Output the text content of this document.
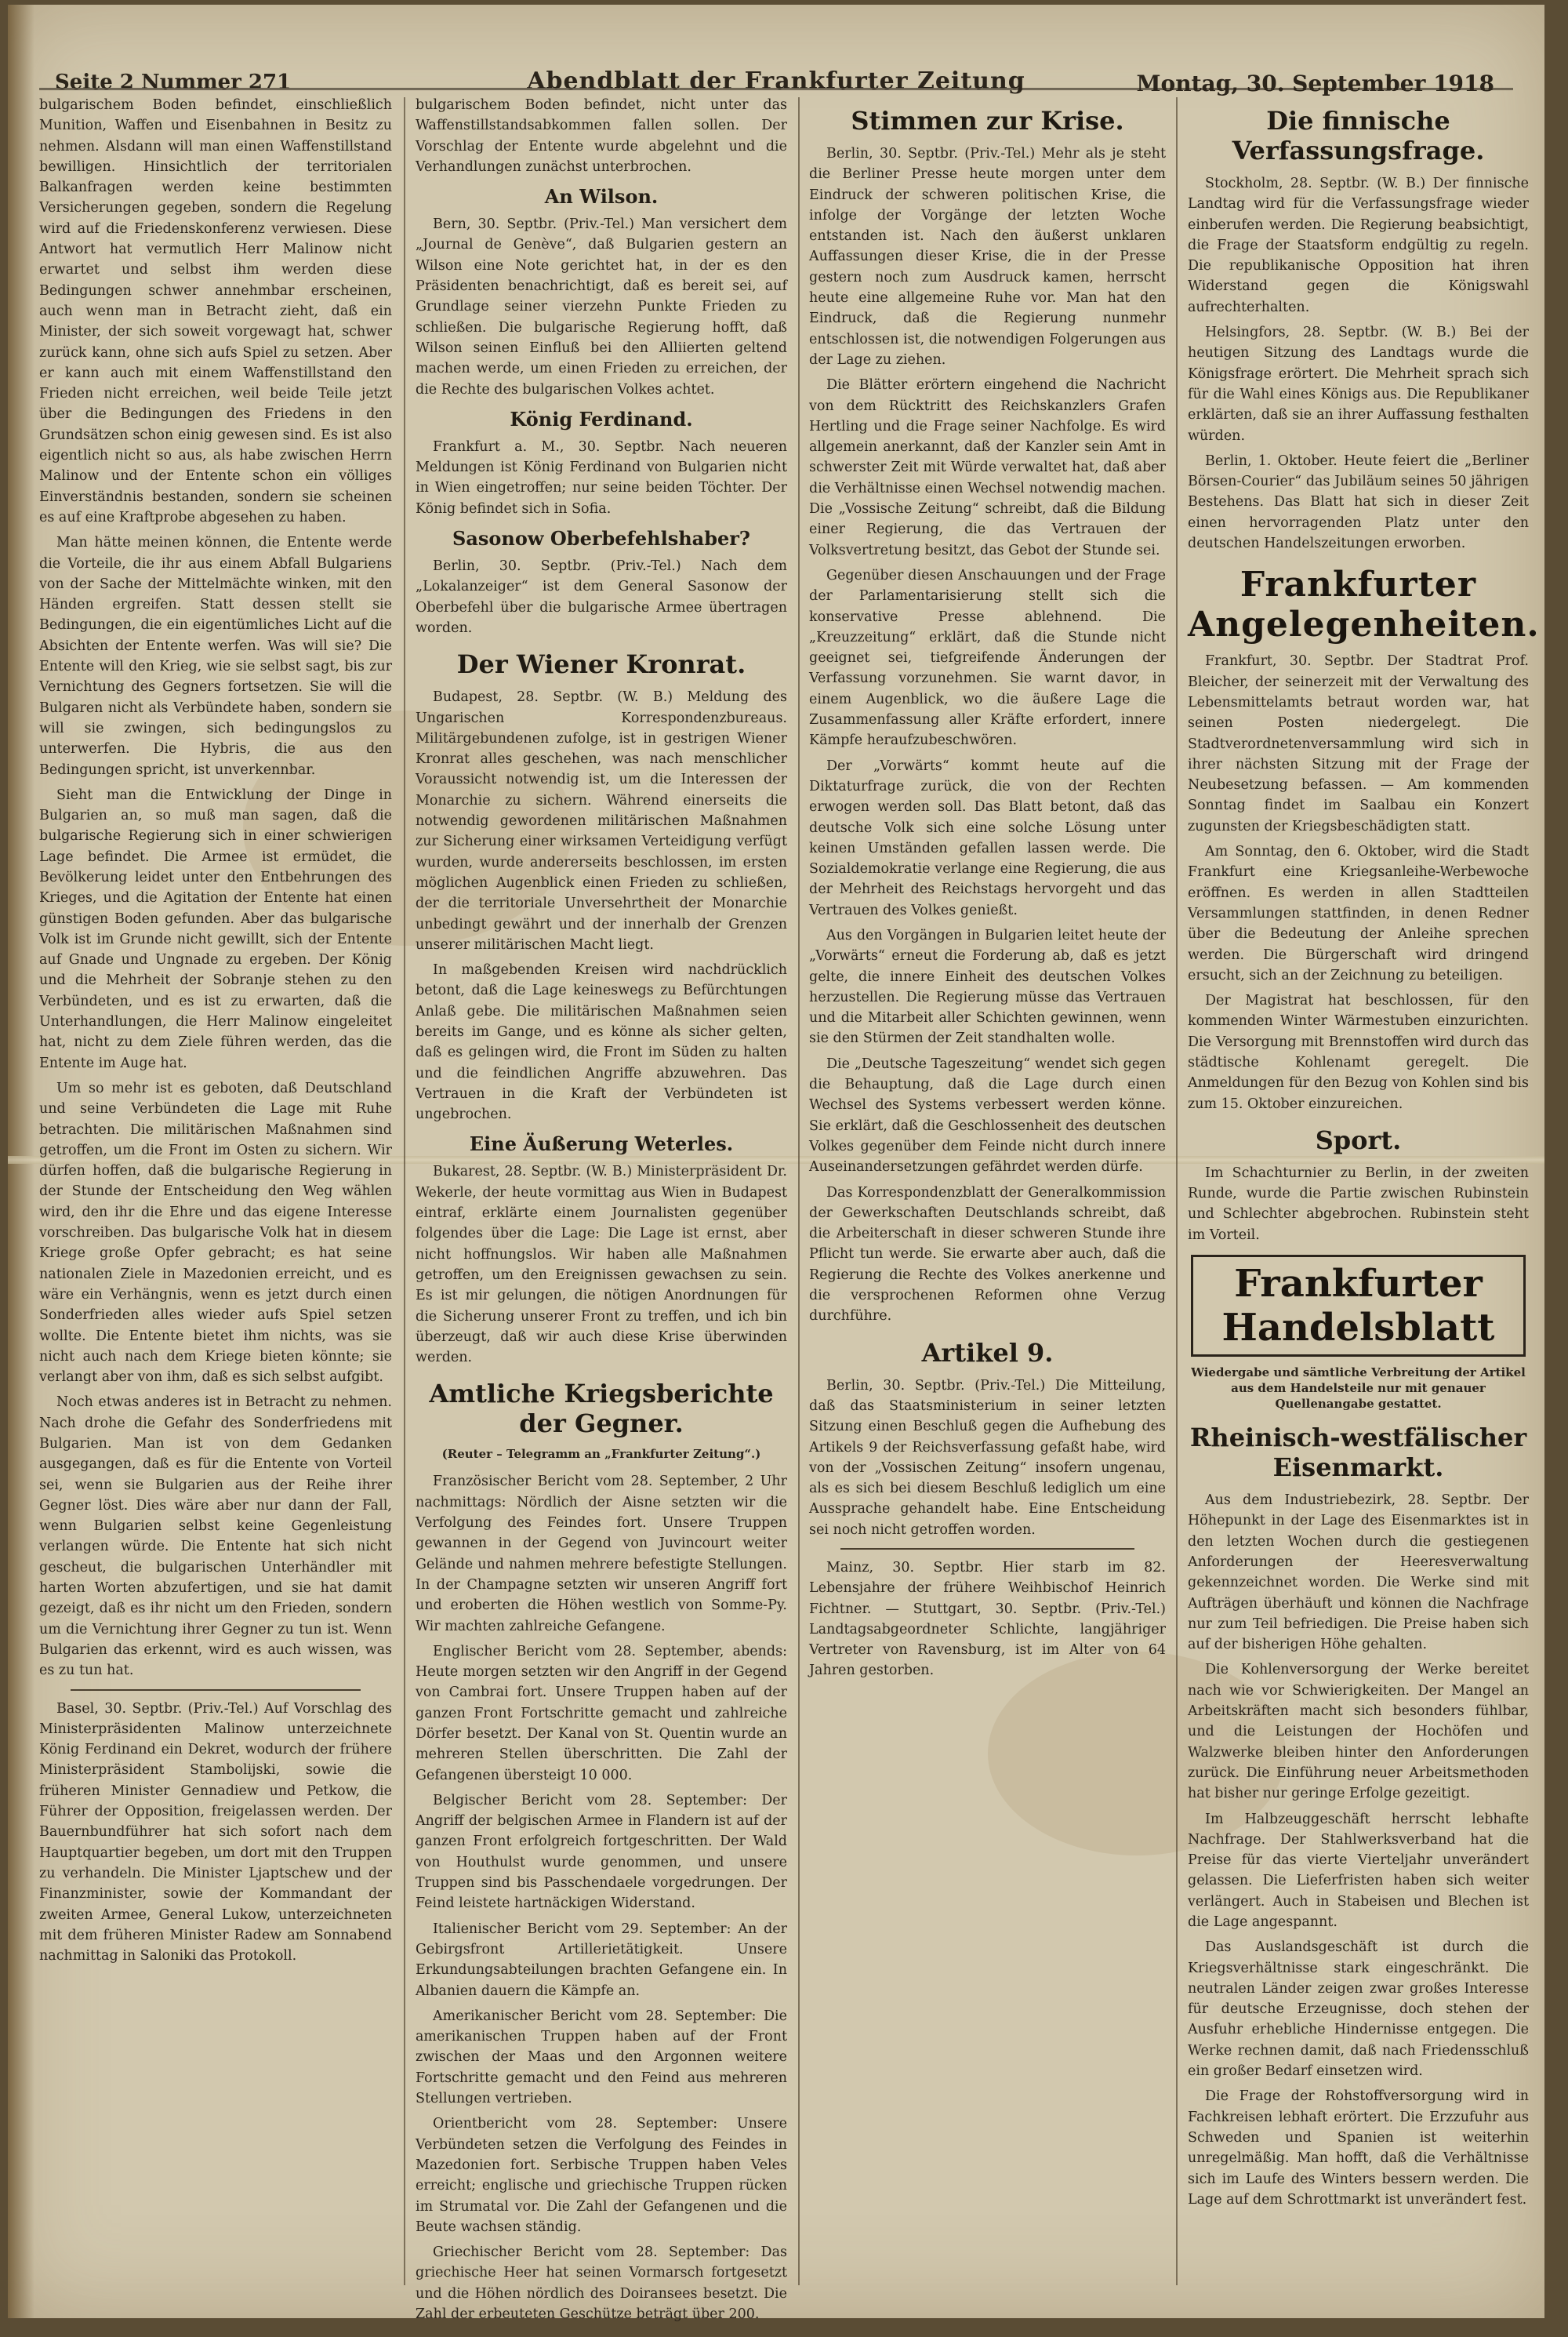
Seite 2 Nummer 271	Abendblatt der Frankfurter Zeitung	Montag, 30. September 1918

bulgarischem Boden befindet, einschließlich Munition, Waffen und Eisenbahnen in Besitz zu nehmen. Alsdann will man einen Waffenstillstand bewilligen. Hinsichtlich der territorialen Balkanfragen werden keine bestimmten Versicherungen gegeben, sondern die Regelung wird auf die Friedenskonferenz verwiesen. Diese Antwort hat vermutlich Herr Malinow nicht erwartet und selbst ihm werden diese Bedingungen schwer annehmbar erscheinen, auch wenn man in Betracht zieht, daß ein Minister, der sich soweit vorgewagt hat, schwer zurück kann, ohne sich aufs Spiel zu setzen. Aber er kann auch mit einem Waffenstillstand den Frieden nicht erreichen, weil beide Teile jetzt über die Bedingungen des Friedens in den Grundsätzen schon einig gewesen sind. Es ist also eigentlich nicht so aus, als habe zwischen Herrn Malinow und der Entente schon ein völliges Einverständnis bestanden, sondern sie scheinen es auf eine Kraftprobe abgesehen zu haben.

Man hätte meinen können, die Entente werde die Vorteile, die ihr aus einem Abfall Bulgariens von der Sache der Mittelmächte winken, mit den Händen ergreifen. Statt dessen stellt sie Bedingungen, die ein eigentümliches Licht auf die Absichten der Entente werfen. Was will sie? Die Entente will den Krieg, wie sie selbst sagt, bis zur Vernichtung des Gegners fortsetzen. Sie will die Bulgaren nicht als Verbündete haben, sondern sie will sie zwingen, sich bedingungslos zu unterwerfen. Die Hybris, die aus den Bedingungen spricht, ist unverkennbar.

Sieht man die Entwicklung der Dinge in Bulgarien an, so muß man sagen, daß die bulgarische Regierung sich in einer schwierigen Lage befindet. Die Armee ist ermüdet, die Bevölkerung leidet unter den Entbehrungen des Krieges, und die Agitation der Entente hat einen günstigen Boden gefunden. Aber das bulgarische Volk ist im Grunde nicht gewillt, sich der Entente auf Gnade und Ungnade zu ergeben. Der König und die Mehrheit der Sobranje stehen zu den Verbündeten, und es ist zu erwarten, daß die Unterhandlungen, die Herr Malinow eingeleitet hat, nicht zu dem Ziele führen werden, das die Entente im Auge hat.

Um so mehr ist es geboten, daß Deutschland und seine Verbündeten die Lage mit Ruhe betrachten. Die militärischen Maßnahmen sind getroffen, um die Front im Osten zu sichern. Wir dürfen hoffen, daß die bulgarische Regierung in der Stunde der Entscheidung den Weg wählen wird, den ihr die Ehre und das eigene Interesse vorschreiben. Das bulgarische Volk hat in diesem Kriege große Opfer gebracht; es hat seine nationalen Ziele in Mazedonien erreicht, und es wäre ein Verhängnis, wenn es jetzt durch einen Sonderfrieden alles wieder aufs Spiel setzen wollte. Die Entente bietet ihm nichts, was sie nicht auch nach dem Kriege bieten könnte; sie verlangt aber von ihm, daß es sich selbst aufgibt.

Noch etwas anderes ist in Betracht zu nehmen. Nach drohe die Gefahr des Sonderfriedens mit Bulgarien. Man ist von dem Gedanken ausgegangen, daß es für die Entente von Vorteil sei, wenn sie Bulgarien aus der Reihe ihrer Gegner löst. Dies wäre aber nur dann der Fall, wenn Bulgarien selbst keine Gegenleistung verlangen würde. Die Entente hat sich nicht gescheut, die bulgarischen Unterhändler mit harten Worten abzufertigen, und sie hat damit gezeigt, daß es ihr nicht um den Frieden, sondern um die Vernichtung ihrer Gegner zu tun ist. Wenn Bulgarien das erkennt, wird es auch wissen, was es zu tun hat.

Basel, 30. Septbr. (Priv.-Tel.) Auf Vorschlag des Ministerpräsidenten Malinow unterzeichnete König Ferdinand ein Dekret, wodurch der frühere Ministerpräsident Stambolijski, sowie die früheren Minister Gennadiew und Petkow, die Führer der Opposition, freigelassen werden. Der Bauernbundführer hat sich sofort nach dem Hauptquartier begeben, um dort mit den Truppen zu verhandeln. Die Minister Ljaptschew und der Finanzminister, sowie der Kommandant der zweiten Armee, General Lukow, unterzeichneten mit dem früheren Minister Radew am Sonnabend nachmittag in Saloniki das Protokoll.

bulgarischem Boden befindet, nicht unter das Waffenstillstandsabkommen fallen sollen. Der Vorschlag der Entente wurde abgelehnt und die Verhandlungen zunächst unterbrochen.

An Wilson.

Bern, 30. Septbr. (Priv.-Tel.) Man versichert dem „Journal de Genève“, daß Bulgarien gestern an Wilson eine Note gerichtet hat, in der es den Präsidenten benachrichtigt, daß es bereit sei, auf Grundlage seiner vierzehn Punkte Frieden zu schließen. Die bulgarische Regierung hofft, daß Wilson seinen Einfluß bei den Alliierten geltend machen werde, um einen Frieden zu erreichen, der die Rechte des bulgarischen Volkes achtet.

König Ferdinand.

Frankfurt a. M., 30. Septbr. Nach neueren Meldungen ist König Ferdinand von Bulgarien nicht in Wien eingetroffen; nur seine beiden Töchter. Der König befindet sich in Sofia.

Sasonow Oberbefehlshaber?

Berlin, 30. Septbr. (Priv.-Tel.) Nach dem „Lokalanzeiger“ ist dem General Sasonow der Oberbefehl über die bulgarische Armee übertragen worden.

Der Wiener Kronrat.

Budapest, 28. Septbr. (W. B.) Meldung des Ungarischen Korrespondenzbureaus. Militärgebundenen zufolge, ist in gestrigen Wiener Kronrat alles geschehen, was nach menschlicher Voraussicht notwendig ist, um die Interessen der Monarchie zu sichern. Während einerseits die notwendig gewordenen militärischen Maßnahmen zur Sicherung einer wirksamen Verteidigung verfügt wurden, wurde andererseits beschlossen, im ersten möglichen Augenblick einen Frieden zu schließen, der die territoriale Unversehrtheit der Monarchie unbedingt gewährt und der innerhalb der Grenzen unserer militärischen Macht liegt.

In maßgebenden Kreisen wird nachdrücklich betont, daß die Lage keineswegs zu Befürchtungen Anlaß gebe. Die militärischen Maßnahmen seien bereits im Gange, und es könne als sicher gelten, daß es gelingen wird, die Front im Süden zu halten und die feindlichen Angriffe abzuwehren. Das Vertrauen in die Kraft der Verbündeten ist ungebrochen.

Eine Äußerung Weterles.

Bukarest, 28. Septbr. (W. B.) Ministerpräsident Dr. Wekerle, der heute vormittag aus Wien in Budapest eintraf, erklärte einem Journalisten gegenüber folgendes über die Lage: Die Lage ist ernst, aber nicht hoffnungslos. Wir haben alle Maßnahmen getroffen, um den Ereignissen gewachsen zu sein. Es ist mir gelungen, die nötigen Anordnungen für die Sicherung unserer Front zu treffen, und ich bin überzeugt, daß wir auch diese Krise überwinden werden.

Amtliche Kriegsberichte der Gegner.
(Reuter – Telegramm an „Frankfurter Zeitung“.)

Französischer Bericht vom 28. September, 2 Uhr nachmittags: Nördlich der Aisne setzten wir die Verfolgung des Feindes fort. Unsere Truppen gewannen in der Gegend von Juvincourt weiter Gelände und nahmen mehrere befestigte Stellungen. In der Champagne setzten wir unseren Angriff fort und eroberten die Höhen westlich von Somme-Py. Wir machten zahlreiche Gefangene.

Englischer Bericht vom 28. September, abends: Heute morgen setzten wir den Angriff in der Gegend von Cambrai fort. Unsere Truppen haben auf der ganzen Front Fortschritte gemacht und zahlreiche Dörfer besetzt. Der Kanal von St. Quentin wurde an mehreren Stellen überschritten. Die Zahl der Gefangenen übersteigt 10 000.

Belgischer Bericht vom 28. September: Der Angriff der belgischen Armee in Flandern ist auf der ganzen Front erfolgreich fortgeschritten. Der Wald von Houthulst wurde genommen, und unsere Truppen sind bis Passchendaele vorgedrungen. Der Feind leistete hartnäckigen Widerstand.

Italienischer Bericht vom 29. September: An der Gebirgsfront Artillerietätigkeit. Unsere Erkundungsabteilungen brachten Gefangene ein. In Albanien dauern die Kämpfe an.

Amerikanischer Bericht vom 28. September: Die amerikanischen Truppen haben auf der Front zwischen der Maas und den Argonnen weitere Fortschritte gemacht und den Feind aus mehreren Stellungen vertrieben.

Orientbericht vom 28. September: Unsere Verbündeten setzen die Verfolgung des Feindes in Mazedonien fort. Serbische Truppen haben Veles erreicht; englische und griechische Truppen rücken im Strumatal vor. Die Zahl der Gefangenen und die Beute wachsen ständig.

Griechischer Bericht vom 28. September: Das griechische Heer hat seinen Vormarsch fortgesetzt und die Höhen nördlich des Doiransees besetzt. Die Zahl der erbeuteten Geschütze beträgt über 200.

Stimmen zur Krise.

Berlin, 30. Septbr. (Priv.-Tel.) Mehr als je steht die Berliner Presse heute morgen unter dem Eindruck der schweren politischen Krise, die infolge der Vorgänge der letzten Woche entstanden ist. Nach den äußerst unklaren Auffassungen dieser Krise, die in der Presse gestern noch zum Ausdruck kamen, herrscht heute eine allgemeine Ruhe vor. Man hat den Eindruck, daß die Regierung nunmehr entschlossen ist, die notwendigen Folgerungen aus der Lage zu ziehen.

Die Blätter erörtern eingehend die Nachricht von dem Rücktritt des Reichskanzlers Grafen Hertling und die Frage seiner Nachfolge. Es wird allgemein anerkannt, daß der Kanzler sein Amt in schwerster Zeit mit Würde verwaltet hat, daß aber die Verhältnisse einen Wechsel notwendig machen. Die „Vossische Zeitung“ schreibt, daß die Bildung einer Regierung, die das Vertrauen der Volksvertretung besitzt, das Gebot der Stunde sei.

Gegenüber diesen Anschauungen und der Frage der Parlamentarisierung stellt sich die konservative Presse ablehnend. Die „Kreuzzeitung“ erklärt, daß die Stunde nicht geeignet sei, tiefgreifende Änderungen der Verfassung vorzunehmen. Sie warnt davor, in einem Augenblick, wo die äußere Lage die Zusammenfassung aller Kräfte erfordert, innere Kämpfe heraufzubeschwören.

Der „Vorwärts“ kommt heute auf die Diktaturfrage zurück, die von der Rechten erwogen werden soll. Das Blatt betont, daß das deutsche Volk sich eine solche Lösung unter keinen Umständen gefallen lassen werde. Die Sozialdemokratie verlange eine Regierung, die aus der Mehrheit des Reichstags hervorgeht und das Vertrauen des Volkes genießt.

Aus den Vorgängen in Bulgarien leitet heute der „Vorwärts“ erneut die Forderung ab, daß es jetzt gelte, die innere Einheit des deutschen Volkes herzustellen. Die Regierung müsse das Vertrauen und die Mitarbeit aller Schichten gewinnen, wenn sie den Stürmen der Zeit standhalten wolle.

Die „Deutsche Tageszeitung“ wendet sich gegen die Behauptung, daß die Lage durch einen Wechsel des Systems verbessert werden könne. Sie erklärt, daß die Geschlossenheit des deutschen Volkes gegenüber dem Feinde nicht durch innere Auseinandersetzungen gefährdet werden dürfe.

Das Korrespondenzblatt der Generalkommission der Gewerkschaften Deutschlands schreibt, daß die Arbeiterschaft in dieser schweren Stunde ihre Pflicht tun werde. Sie erwarte aber auch, daß die Regierung die Rechte des Volkes anerkenne und die versprochenen Reformen ohne Verzug durchführe.

Artikel 9.

Berlin, 30. Septbr. (Priv.-Tel.) Die Mitteilung, daß das Staatsministerium in seiner letzten Sitzung einen Beschluß gegen die Aufhebung des Artikels 9 der Reichsverfassung gefaßt habe, wird von der „Vossischen Zeitung“ insofern ungenau, als es sich bei diesem Beschluß lediglich um eine Aussprache gehandelt habe. Eine Entscheidung sei noch nicht getroffen worden.

Mainz, 30. Septbr. Hier starb im 82. Lebensjahre der frühere Weihbischof Heinrich Fichtner. — Stuttgart, 30. Septbr. (Priv.-Tel.) Landtagsabgeordneter Schlichte, langjähriger Vertreter von Ravensburg, ist im Alter von 64 Jahren gestorben.

Die finnische Verfassungsfrage.

Stockholm, 28. Septbr. (W. B.) Der finnische Landtag wird für die Verfassungsfrage wieder einberufen werden. Die Regierung beabsichtigt, die Frage der Staatsform endgültig zu regeln. Die republikanische Opposition hat ihren Widerstand gegen die Königswahl aufrechterhalten.

Helsingfors, 28. Septbr. (W. B.) Bei der heutigen Sitzung des Landtags wurde die Königsfrage erörtert. Die Mehrheit sprach sich für die Wahl eines Königs aus. Die Republikaner erklärten, daß sie an ihrer Auffassung festhalten würden.

Berlin, 1. Oktober. Heute feiert die „Berliner Börsen-Courier“ das Jubiläum seines 50 jährigen Bestehens. Das Blatt hat sich in dieser Zeit einen hervorragenden Platz unter den deutschen Handelszeitungen erworben.

Frankfurter Angelegenheiten.

Frankfurt, 30. Septbr. Der Stadtrat Prof. Bleicher, der seinerzeit mit der Verwaltung des Lebensmittelamts betraut worden war, hat seinen Posten niedergelegt. Die Stadtverordnetenversammlung wird sich in ihrer nächsten Sitzung mit der Frage der Neubesetzung befassen. — Am kommenden Sonntag findet im Saalbau ein Konzert zugunsten der Kriegsbeschädigten statt.

Am Sonntag, den 6. Oktober, wird die Stadt Frankfurt eine Kriegsanleihe-Werbewoche eröffnen. Es werden in allen Stadtteilen Versammlungen stattfinden, in denen Redner über die Bedeutung der Anleihe sprechen werden. Die Bürgerschaft wird dringend ersucht, sich an der Zeichnung zu beteiligen.

Der Magistrat hat beschlossen, für den kommenden Winter Wärmestuben einzurichten. Die Versorgung mit Brennstoffen wird durch das städtische Kohlenamt geregelt. Die Anmeldungen für den Bezug von Kohlen sind bis zum 15. Oktober einzureichen.

Sport.

Im Schachturnier zu Berlin, in der zweiten Runde, wurde die Partie zwischen Rubinstein und Schlechter abgebrochen. Rubinstein steht im Vorteil.

Frankfurter Handelsblatt
Wiedergabe und sämtliche Verbreitung der Artikel aus dem Handelsteile nur mit genauer Quellenangabe gestattet.
Rheinisch-westfälischer Eisenmarkt.

Aus dem Industriebezirk, 28. Septbr. Der Höhepunkt in der Lage des Eisenmarktes ist in den letzten Wochen durch die gestiegenen Anforderungen der Heeresverwaltung gekennzeichnet worden. Die Werke sind mit Aufträgen überhäuft und können die Nachfrage nur zum Teil befriedigen. Die Preise haben sich auf der bisherigen Höhe gehalten.

Die Kohlenversorgung der Werke bereitet nach wie vor Schwierigkeiten. Der Mangel an Arbeitskräften macht sich besonders fühlbar, und die Leistungen der Hochöfen und Walzwerke bleiben hinter den Anforderungen zurück. Die Einführung neuer Arbeitsmethoden hat bisher nur geringe Erfolge gezeitigt.

Im Halbzeuggeschäft herrscht lebhafte Nachfrage. Der Stahlwerksverband hat die Preise für das vierte Vierteljahr unverändert gelassen. Die Lieferfristen haben sich weiter verlängert. Auch in Stabeisen und Blechen ist die Lage angespannt.

Das Auslandsgeschäft ist durch die Kriegsverhältnisse stark eingeschränkt. Die neutralen Länder zeigen zwar großes Interesse für deutsche Erzeugnisse, doch stehen der Ausfuhr erhebliche Hindernisse entgegen. Die Werke rechnen damit, daß nach Friedensschluß ein großer Bedarf einsetzen wird.

Die Frage der Rohstoffversorgung wird in Fachkreisen lebhaft erörtert. Die Erzzufuhr aus Schweden und Spanien ist weiterhin unregelmäßig. Man hofft, daß die Verhältnisse sich im Laufe des Winters bessern werden. Die Lage auf dem Schrottmarkt ist unverändert fest.
